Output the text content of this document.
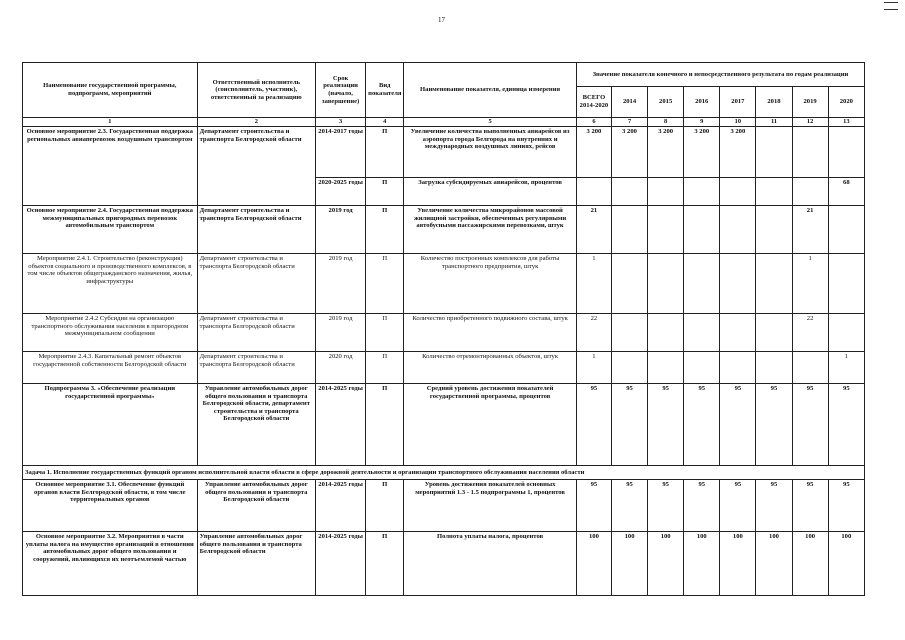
17
Наименование государственной программы, подпрограмм, мероприятий	Ответственный исполнитель (соисполнитель, участник), ответственный за реализацию	Срок реализации (начало, завершение)	Вид показателя	Наименование показателя, единица измерения	Значение показателя конечного и непосредственного результата по годам реализации							
					ВСЕГО 2014-2020	2014	2015	2016	2017	2018	2019	2020
1	2	3	4	5	6	7	8	9	10	11	12	13
Основное мероприятие 2.3. Государственная поддержка региональных авиаперевозок воздушным транспортом	Департамент строительства и транспорта Белгородской области	2014-2017 годы	П	Увеличение количества выполненных авиарейсов из аэропорта города Белгорода на внутренних и международных воздушных линиях, рейсов	3 200	3 200	3 200	3 200	3 200			
		2020-2025 годы	П	Загрузка субсидируемых авиарейсов, процентов								68
Основное мероприятие 2.4. Государственная поддержка межмуниципальных пригородных перевозок автомобильным транспортом	Департамент строительства и транспорта Белгородской области	2019 год	П	Увеличение количества микрорайонов массовой жилищной застройки, обеспеченных регулярными автобусными пассажирскими перевозками, штук	21						21	
Мероприятие 2.4.1. Строительство (реконструкция) объектов социального и производственного комплексов, в том числе объектов общегражданского назначения, жилья, инфраструктуры	Департамент строительства и транспорта Белгородской области	2019 год	П	Количество построенных комплексов для работы транспортного предприятия, штук	1						1	
Мероприятие 2.4.2 Субсидии на организацию транспортного обслуживания населения в пригородном межмуниципальном сообщении	Департамент строительства и транспорта Белгородской области	2019 год	П	Количество приобретенного подвижного состава, штук	22						22	
Мероприятие 2.4.3. Капитальный ремонт объектов государственной собственности Белгородской области	Департамент строительства и транспорта Белгородской области	2020 год	П	Количество отремонтированных объектов, штук	1							1
Подпрограмма 3. «Обеспечение реализации государственной программы»	Управление автомобильных дорог общего пользования и транспорта Белгородской области, департамент строительства и транспорта Белгородской области	2014-2025 годы	П	Средний уровень достижения показателей государственной программы, процентов	95	95	95	95	95	95	95	95
Задача 1. Исполнение государственных функций органом исполнительной власти области в сфере дорожной деятельности и организации транспортного обслуживания населения области												
Основное мероприятие 3.1. Обеспечение функций органов власти Белгородской области, в том числе территориальных органов	Управление автомобильных дорог общего пользования и транспорта Белгородской области	2014-2025 годы	П	Уровень достижения показателей основных мероприятий 1.3 - 1.5 подпрограммы 1, процентов	95	95	95	95	95	95	95	95
Основное мероприятие 3.2. Мероприятия в части уплаты налога на имущество организаций в отношении автомобильных дорог общего пользования и сооружений, являющихся их неотъемлемой частью	Управление автомобильных дорог общего пользования и транспорта Белгородской области	2014-2025 годы	П	Полнота уплаты налога, процентов	100	100	100	100	100	100	100	100
